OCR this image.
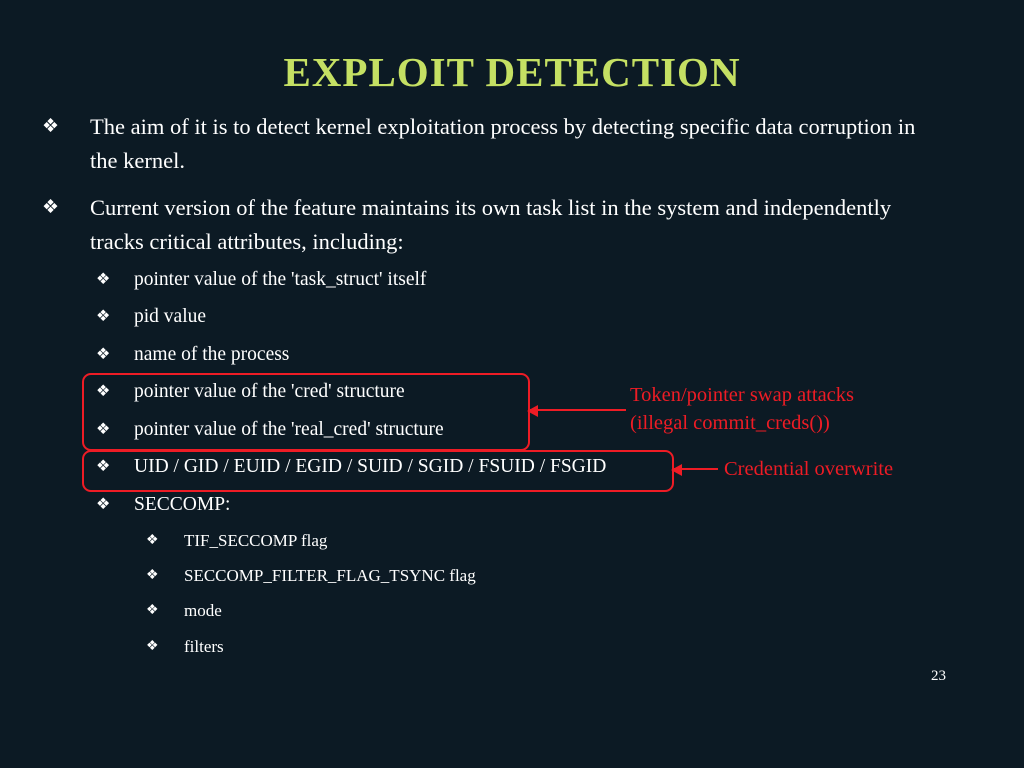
EXPLOIT DETECTION
❖	The aim of it is to detect kernel exploitation process by detecting specific data corruption in the kernel.
❖	Current version of the feature maintains its own task list in the system and independently tracks critical attributes, including:
❖	pointer value of the 'task_struct' itself
❖	pid value
❖	name of the process
❖	pointer value of the 'cred' structure
❖	pointer value of the 'real_cred' structure
❖	UID / GID / EUID / EGID / SUID / SGID / FSUID / FSGID
❖	SECCOMP:
❖	TIF_SECCOMP flag
❖	SECCOMP_FILTER_FLAG_TSYNC flag
❖	mode
❖	filters
Token/pointer swap attacks
(illegal commit_creds())
Credential overwrite
23
